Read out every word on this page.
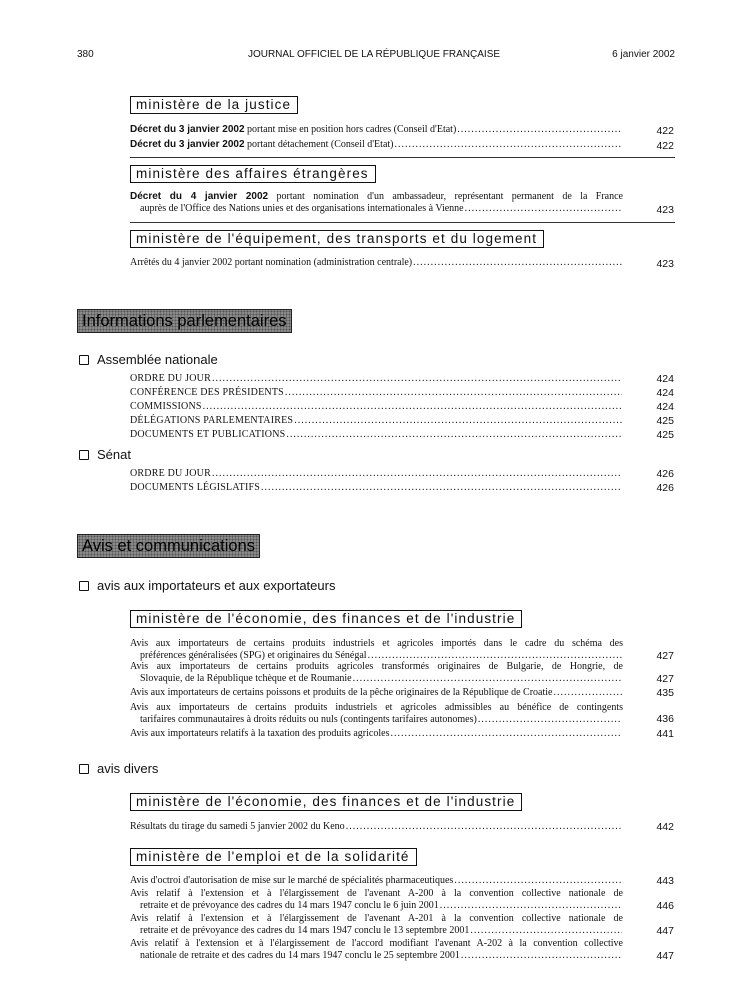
380	JOURNAL OFFICIEL DE LA RÉPUBLIQUE FRANÇAISE	6 janvier 2002
ministère de la justice
Décret du 3 janvier 2002 portant mise en position hors cadres (Conseil d'Etat) .....	422
Décret du 3 janvier 2002 portant détachement (Conseil d'Etat) .....	422
ministère des affaires étrangères
Décret du 4 janvier 2002 portant nomination d'un ambassadeur, représentant permanent de la France
auprès de l'Office des Nations unies et des organisations internationales à Vienne .....	423
ministère de l'équipement, des transports et du logement
Arrêtés du 4 janvier 2002 portant nomination (administration centrale) .....	423
Informations parlementaires
Assemblée nationale
ORDRE DU JOUR .....	424
CONFÉRENCE DES PRÉSIDENTS .....	424
COMMISSIONS .....	424
DÉLÉGATIONS PARLEMENTAIRES .....	425
DOCUMENTS ET PUBLICATIONS .....	425
Sénat
ORDRE DU JOUR .....	426
DOCUMENTS LÉGISLATIFS .....	426
Avis et communications
avis aux importateurs et aux exportateurs
ministère de l'économie, des finances et de l'industrie
Avis aux importateurs de certains produits industriels et agricoles importés dans le cadre du schéma des
préférences généralisées (SPG) et originaires du Sénégal .....	427
Avis aux importateurs de certains produits agricoles transformés originaires de Bulgarie, de Hongrie, de
Slovaquie, de la République tchèque et de Roumanie .....	427
Avis aux importateurs de certains poissons et produits de la pêche originaires de la République de Croatie .....	435
Avis aux importateurs de certains produits industriels et agricoles admissibles au bénéfice de contingents
tarifaires communautaires à droits réduits ou nuls (contingents tarifaires autonomes) .....	436
Avis aux importateurs relatifs à la taxation des produits agricoles .....	441
avis divers
ministère de l'économie, des finances et de l'industrie
Résultats du tirage du samedi 5 janvier 2002 du Keno .....	442
ministère de l'emploi et de la solidarité
Avis d'octroi d'autorisation de mise sur le marché de spécialités pharmaceutiques .....	443
Avis relatif à l'extension et à l'élargissement de l'avenant A-200 à la convention collective nationale de
retraite et de prévoyance des cadres du 14 mars 1947 conclu le 6 juin 2001 .....	446
Avis relatif à l'extension et à l'élargissement de l'avenant A-201 à la convention collective nationale de
retraite et de prévoyance des cadres du 14 mars 1947 conclu le 13 septembre 2001 .....	447
Avis relatif à l'extension et à l'élargissement de l'accord modifiant l'avenant A-202 à la convention collective
nationale de retraite et des cadres du 14 mars 1947 conclu le 25 septembre 2001 .....	447
